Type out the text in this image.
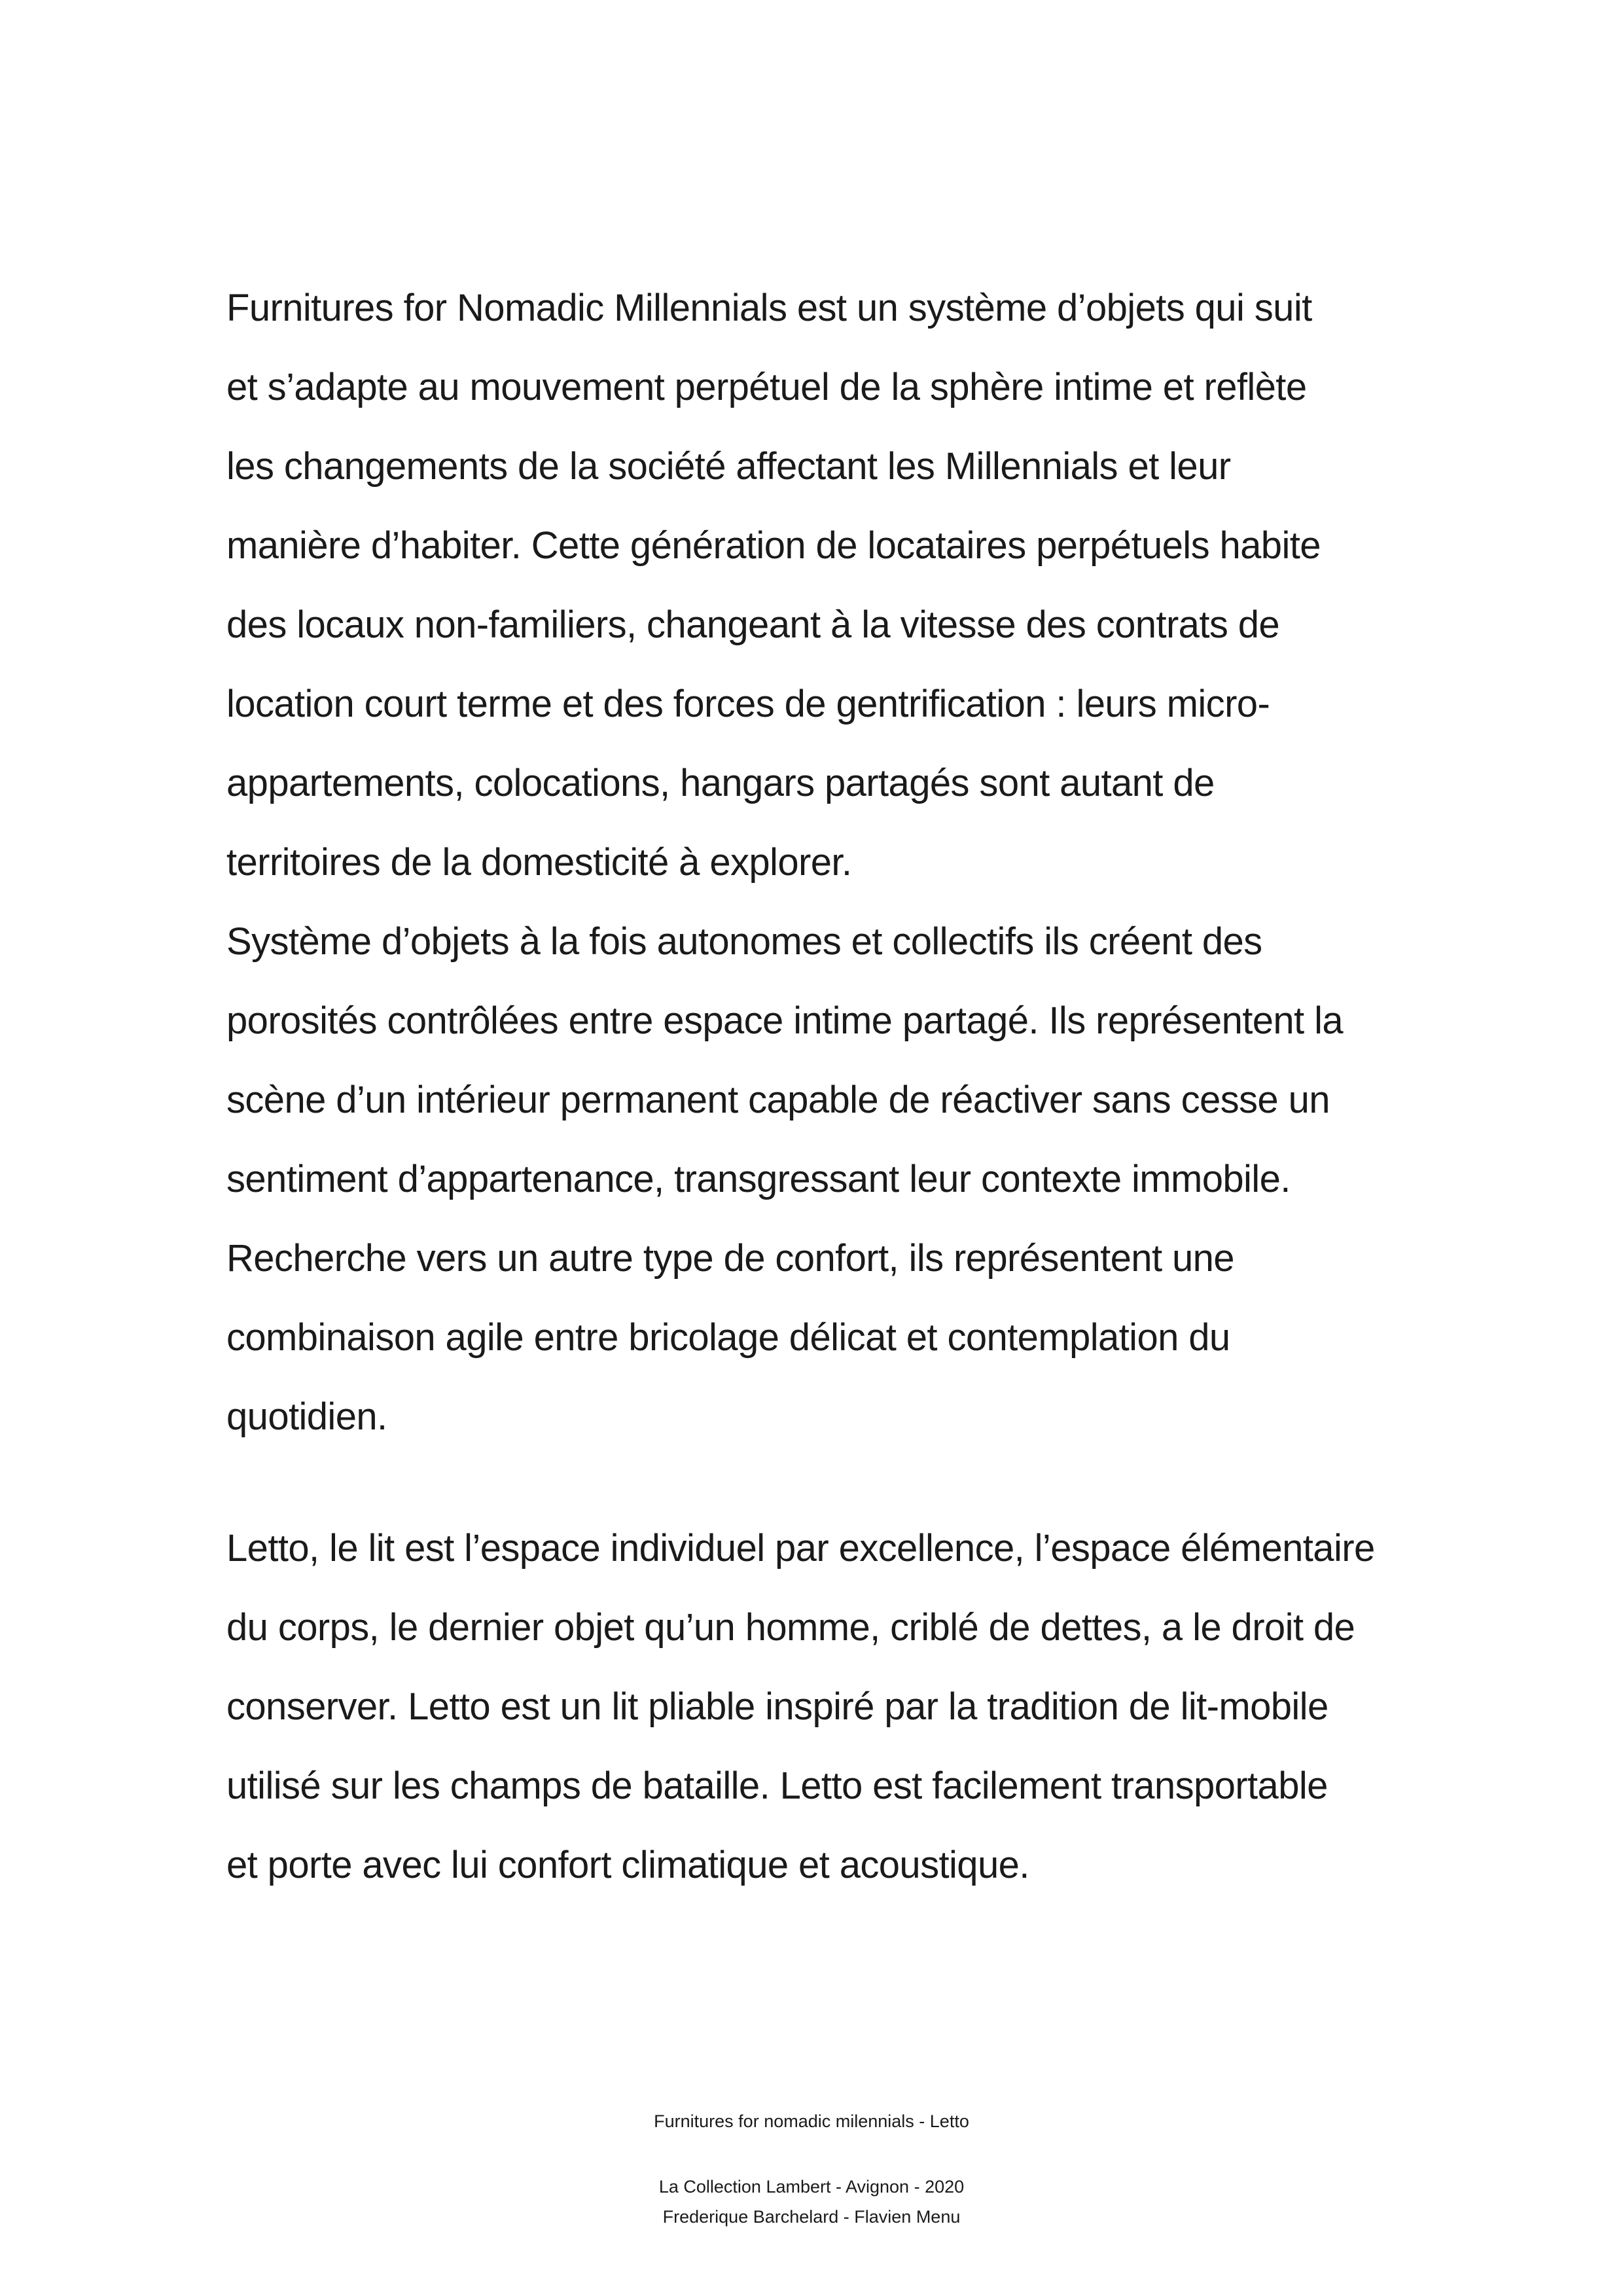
Furnitures for Nomadic Millennials est un système d’objets qui suit
et s’adapte au mouvement perpétuel de la sphère intime et reflète
les changements de la société affectant les Millennials et leur
manière d’habiter. Cette génération de locataires perpétuels habite
des locaux non-familiers, changeant à la vitesse des contrats de
location court terme et des forces de gentrification : leurs micro-
appartements, colocations, hangars partagés sont autant de
territoires de la domesticité à explorer.
Système d’objets à la fois autonomes et collectifs ils créent des
porosités contrôlées entre espace intime partagé. Ils représentent la
scène d’un intérieur permanent capable de réactiver sans cesse un
sentiment d’appartenance, transgressant leur contexte immobile.
Recherche vers un autre type de confort, ils représentent une
combinaison agile entre bricolage délicat et contemplation du
quotidien.
Letto, le lit est l’espace individuel par excellence, l’espace élémentaire
du corps, le dernier objet qu’un homme, criblé de dettes, a le droit de
conserver. Letto est un lit pliable inspiré par la tradition de lit-mobile
utilisé sur les champs de bataille. Letto est facilement transportable
et porte avec lui confort climatique et acoustique.
Furnitures for nomadic milennials - Letto
La Collection Lambert - Avignon - 2020
Frederique Barchelard - Flavien Menu
